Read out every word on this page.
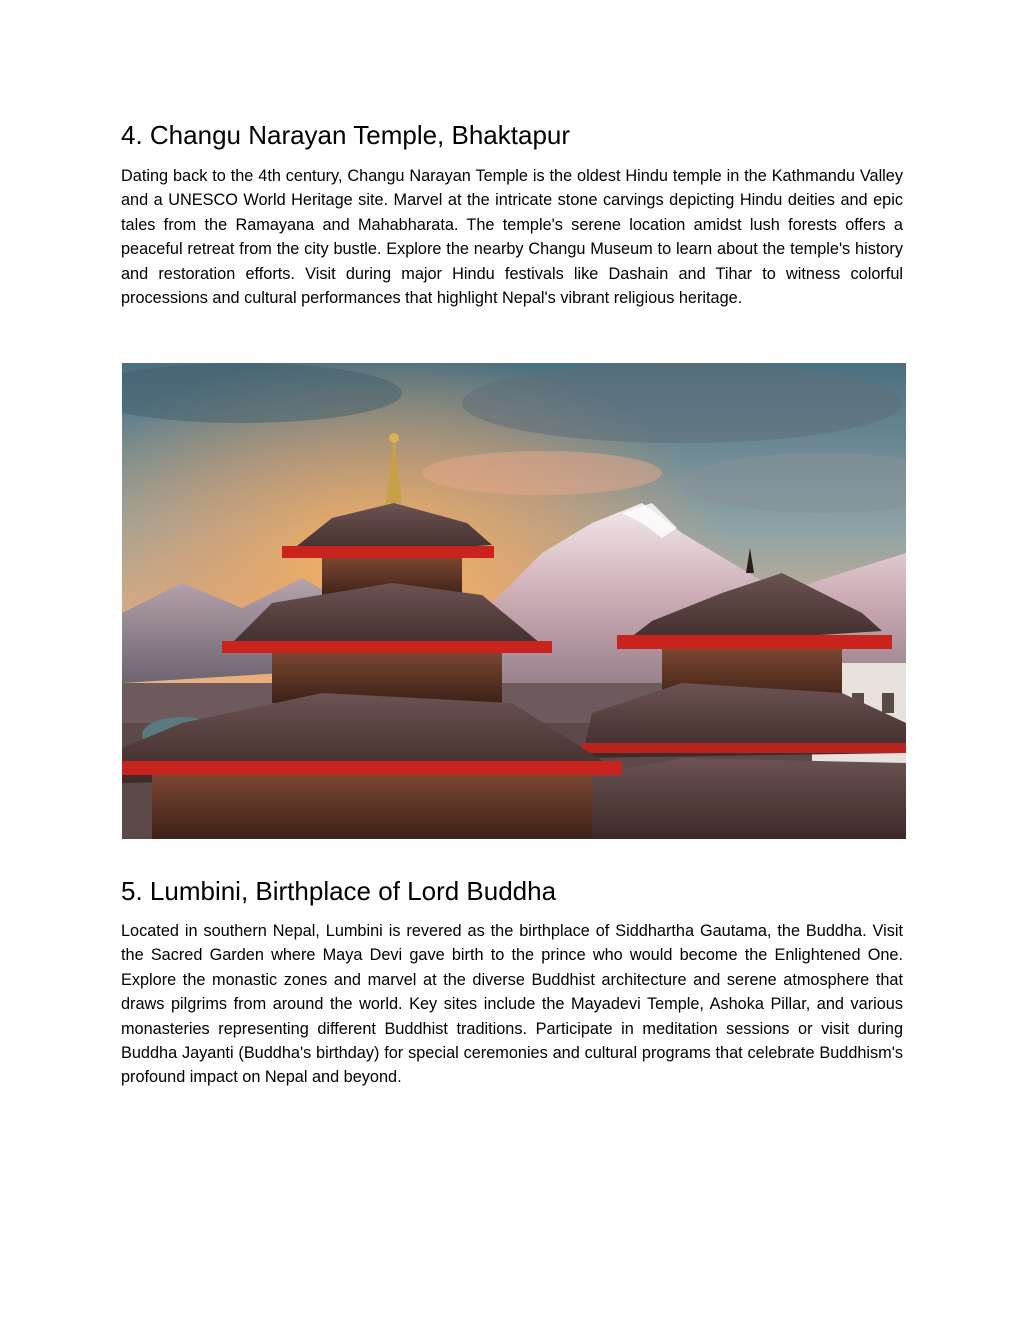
4. Changu Narayan Temple, Bhaktapur

Dating back to the 4th century, Changu Narayan Temple is the oldest Hindu temple in the Kathmandu Valley and a UNESCO World Heritage site. Marvel at the intricate stone carvings depicting Hindu deities and epic tales from the Ramayana and Mahabharata. The temple's serene location amidst lush forests offers a peaceful retreat from the city bustle. Explore the nearby Changu Museum to learn about the temple's history and restoration efforts. Visit during major Hindu festivals like Dashain and Tihar to witness colorful processions and cultural performances that highlight Nepal's vibrant religious heritage.

5. Lumbini, Birthplace of Lord Buddha

Located in southern Nepal, Lumbini is revered as the birthplace of Siddhartha Gautama, the Buddha. Visit the Sacred Garden where Maya Devi gave birth to the prince who would become the Enlightened One. Explore the monastic zones and marvel at the diverse Buddhist architecture and serene atmosphere that draws pilgrims from around the world. Key sites include the Mayadevi Temple, Ashoka Pillar, and various monasteries representing different Buddhist traditions. Participate in meditation sessions or visit during Buddha Jayanti (Buddha's birthday) for special ceremonies and cultural programs that celebrate Buddhism's profound impact on Nepal and beyond.
